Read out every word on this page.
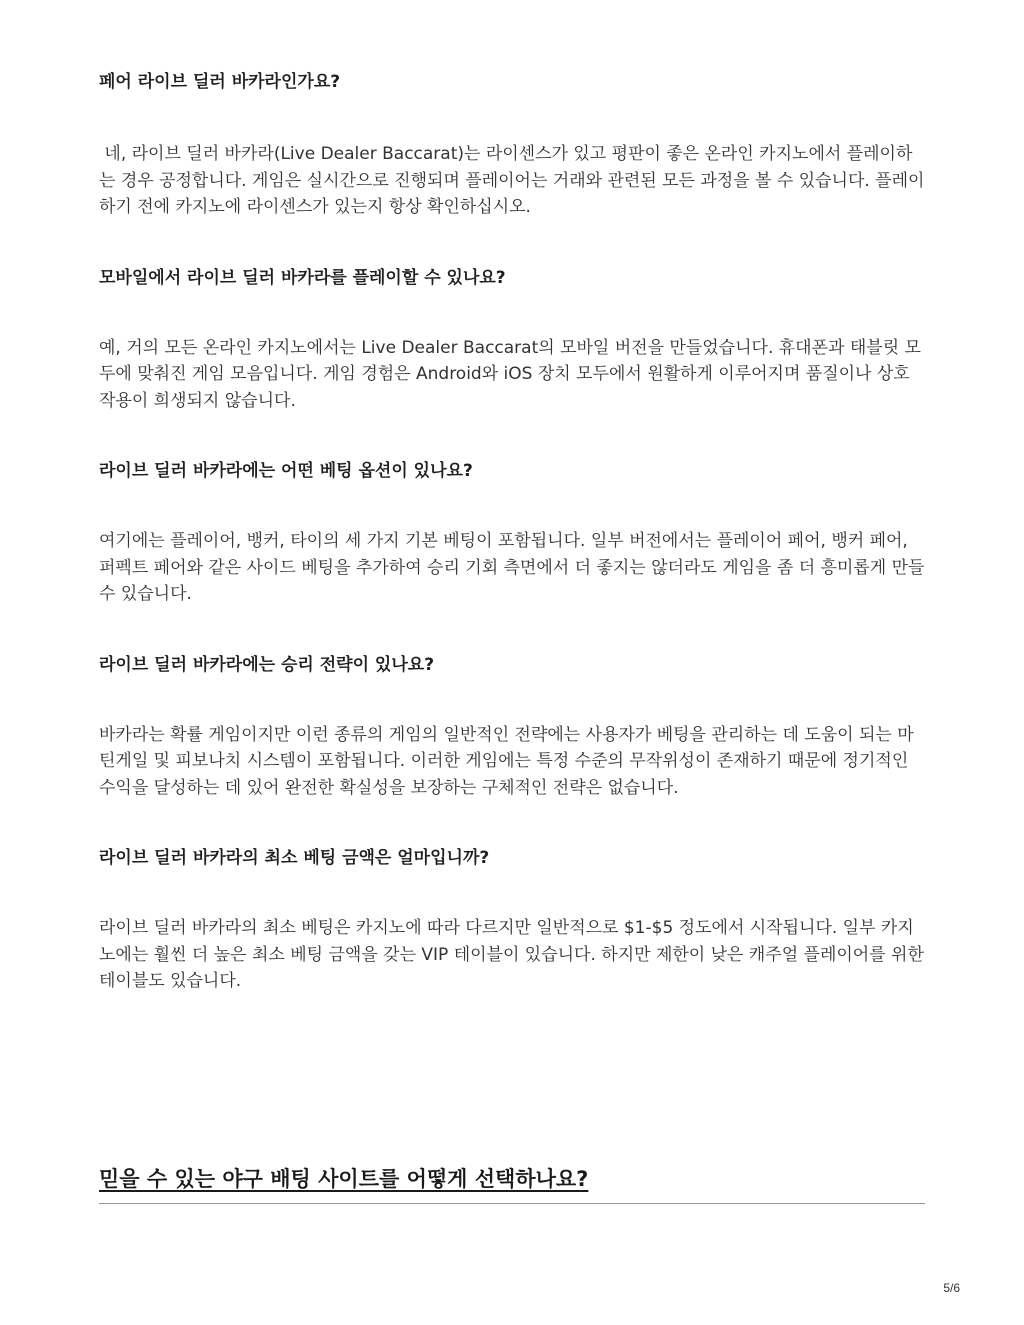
페어 라이브 딜러 바카라인가요?

네, 라이브 딜러 바카라(Live Dealer Baccarat)는 라이센스가 있고 평판이 좋은 온라인 카지노에서 플레이하는 경우 공정합니다. 게임은 실시간으로 진행되며 플레이어는 거래와 관련된 모든 과정을 볼 수 있습니다. 플레이하기 전에 카지노에 라이센스가 있는지 항상 확인하십시오.

모바일에서 라이브 딜러 바카라를 플레이할 수 있나요?

예, 거의 모든 온라인 카지노에서는 Live Dealer Baccarat의 모바일 버전을 만들었습니다. 휴대폰과 태블릿 모두에 맞춰진 게임 모음입니다. 게임 경험은 Android와 iOS 장치 모두에서 원활하게 이루어지며 품질이나 상호 작용이 희생되지 않습니다.

라이브 딜러 바카라에는 어떤 베팅 옵션이 있나요?

여기에는 플레이어, 뱅커, 타이의 세 가지 기본 베팅이 포함됩니다. 일부 버전에서는 플레이어 페어, 뱅커 페어, 퍼펙트 페어와 같은 사이드 베팅을 추가하여 승리 기회 측면에서 더 좋지는 않더라도 게임을 좀 더 흥미롭게 만들 수 있습니다.

라이브 딜러 바카라에는 승리 전략이 있나요?

바카라는 확률 게임이지만 이런 종류의 게임의 일반적인 전략에는 사용자가 베팅을 관리하는 데 도움이 되는 마틴게일 및 피보나치 시스템이 포함됩니다. 이러한 게임에는 특정 수준의 무작위성이 존재하기 때문에 정기적인 수익을 달성하는 데 있어 완전한 확실성을 보장하는 구체적인 전략은 없습니다.

라이브 딜러 바카라의 최소 베팅 금액은 얼마입니까?

라이브 딜러 바카라의 최소 베팅은 카지노에 따라 다르지만 일반적으로 $1-$5 정도에서 시작됩니다. 일부 카지노에는 훨씬 더 높은 최소 베팅 금액을 갖는 VIP 테이블이 있습니다. 하지만 제한이 낮은 캐주얼 플레이어를 위한 테이블도 있습니다.

믿을 수 있는 야구 배팅 사이트를 어떻게 선택하나요?
5/6
